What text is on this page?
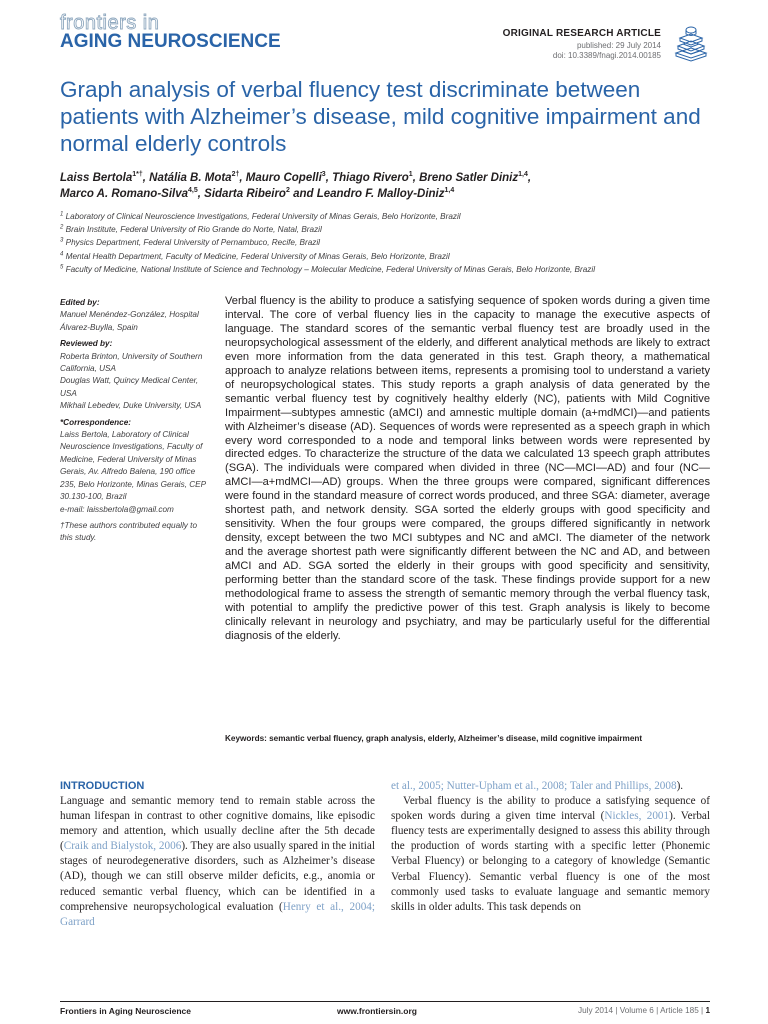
frontiers in
AGING NEUROSCIENCE	ORIGINAL RESEARCH ARTICLE
published: 29 July 2014
doi: 10.3389/fnagi.2014.00185
Graph analysis of verbal fluency test discriminate between patients with Alzheimer’s disease, mild cognitive impairment and normal elderly controls
Laiss Bertola$^{1*\dagger}$, Natália B. Mota$^{2\dagger}$, Mauro Copelli$^3$, Thiago Rivero$^1$, Breno Satler Diniz$^{1,4}$,
Marco A. Romano-Silva$^{4,5}$, Sidarta Ribeiro$^2$ and Leandro F. Malloy-Diniz$^{1,4}$
$^1$ Laboratory of Clinical Neuroscience Investigations, Federal University of Minas Gerais, Belo Horizonte, Brazil
$^2$ Brain Institute, Federal University of Rio Grande do Norte, Natal, Brazil
$^3$ Physics Department, Federal University of Pernambuco, Recife, Brazil
$^4$ Mental Health Department, Faculty of Medicine, Federal University of Minas Gerais, Belo Horizonte, Brazil
$^5$ Faculty of Medicine, National Institute of Science and Technology – Molecular Medicine, Federal University of Minas Gerais, Belo Horizonte, Brazil
Edited by:
Manuel Menéndez-González, Hospital Álvarez-Buylla, Spain
Reviewed by:
Roberta Brinton, University of Southern California, USA
Douglas Watt, Quincy Medical Center, USA
Mikhail Lebedev, Duke University, USA
*Correspondence:
Laiss Bertola, Laboratory of Clinical Neuroscience Investigations, Faculty of Medicine, Federal University of Minas Gerais, Av. Alfredo Balena, 190 office 235, Belo Horizonte, Minas Gerais, CEP 30.130-100, Brazil
e-mail: laissbertola@gmail.com
†These authors contributed equally to this study.

Verbal fluency is the ability to produce a satisfying sequence of spoken words during a given time interval. The core of verbal fluency lies in the capacity to manage the executive aspects of language. The standard scores of the semantic verbal fluency test are broadly used in the neuropsychological assessment of the elderly, and different analytical methods are likely to extract even more information from the data generated in this test. Graph theory, a mathematical approach to analyze relations between items, represents a promising tool to understand a variety of neuropsychological states. This study reports a graph analysis of data generated by the semantic verbal fluency test by cognitively healthy elderly (NC), patients with Mild Cognitive Impairment—subtypes amnestic (aMCI) and amnestic multiple domain (a+mdMCI)—and patients with Alzheimer’s disease (AD). Sequences of words were represented as a speech graph in which every word corresponded to a node and temporal links between words were represented by directed edges. To characterize the structure of the data we calculated 13 speech graph attributes (SGA). The individuals were compared when divided in three (NC—MCI—AD) and four (NC—aMCI—a+mdMCI—AD) groups. When the three groups were compared, significant differences were found in the standard measure of correct words produced, and three SGA: diameter, average shortest path, and network density. SGA sorted the elderly groups with good specificity and sensitivity. When the four groups were compared, the groups differed significantly in network density, except between the two MCI subtypes and NC and aMCI. The diameter of the network and the average shortest path were significantly different between the NC and AD, and between aMCI and AD. SGA sorted the elderly in their groups with good specificity and sensitivity, performing better than the standard score of the task. These findings provide support for a new methodological frame to assess the strength of semantic memory through the verbal fluency task, with potential to amplify the predictive power of this test. Graph analysis is likely to become clinically relevant in neurology and psychiatry, and may be particularly useful for the differential diagnosis of the elderly.

Keywords: semantic verbal fluency, graph analysis, elderly, Alzheimer’s disease, mild cognitive impairment
INTRODUCTION

Language and semantic memory tend to remain stable across the human lifespan in contrast to other cognitive domains, like episodic memory and attention, which usually decline after the 5th decade (Craik and Bialystok, 2006). They are also usually spared in the initial stages of neurodegenerative disorders, such as Alzheimer’s disease (AD), though we can still observe milder deficits, e.g., anomia or reduced semantic verbal fluency, which can be identified in a comprehensive neuropsychological evaluation (Henry et al., 2004; Garrard

et al., 2005; Nutter-Upham et al., 2008; Taler and Phillips, 2008).

Verbal fluency is the ability to produce a satisfying sequence of spoken words during a given time interval (Nickles, 2001). Verbal fluency tests are experimentally designed to assess this ability through the production of words starting with a specific letter (Phonemic Verbal Fluency) or belonging to a category of knowledge (Semantic Verbal Fluency). Semantic verbal fluency is one of the most commonly used tasks to evaluate language and semantic memory skills in older adults. This task depends on

Frontiers in Aging Neuroscience	www.frontiersin.org	July 2014 | Volume 6 | Article 185 | 1
